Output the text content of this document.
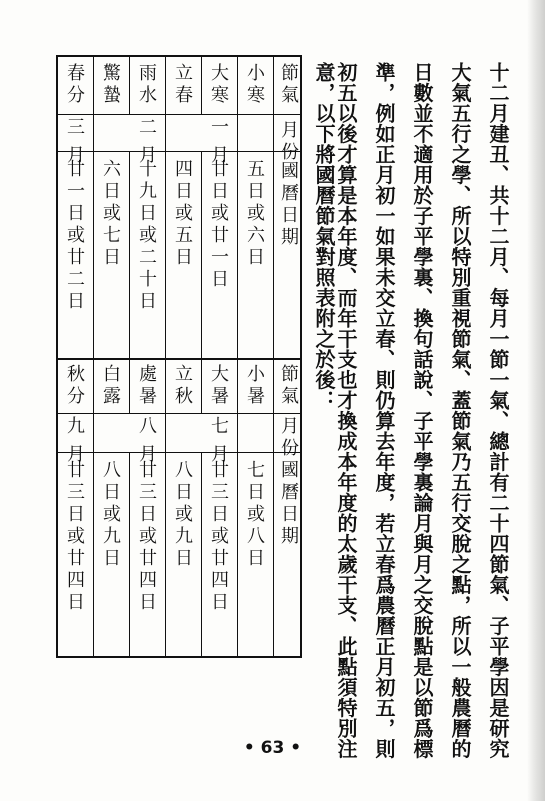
十二月建丑、共十二月、每月一節一氣、總計有二十四節氣、子平學因是研究
大氣五行之學、所以特別重視節氣、蓋節氣乃五行交脫之點，所以一般農曆的
日數並不適用於子平學裏、換句話說、子平學裏論月與月之交脫點是以節爲標
準，例如正月初一如果未交立春、則仍算去年度，若立春爲農曆正月初五，則
初五以後才算是本年度、而年干支也才換成本年度的太歲干支、此點須特別注
意，以下將國曆節氣對照表附之於後：
節氣
月份
國曆日期
小寒
大寒
立春
雨水
驚蟄
春分
一月
二月
三月
五日或六日
廿日或廿一日
四日或五日
十九日或二十日
六日或七日
廿一日或廿二日
節氣
月份
國曆日期
小暑
大暑
立秋
處暑
白露
秋分
七月
八月
九月
七日或八日
廿三日或廿四日
八日或九日
廿三日或廿四日
八日或九日
廿三日或廿四日
• 63 •
